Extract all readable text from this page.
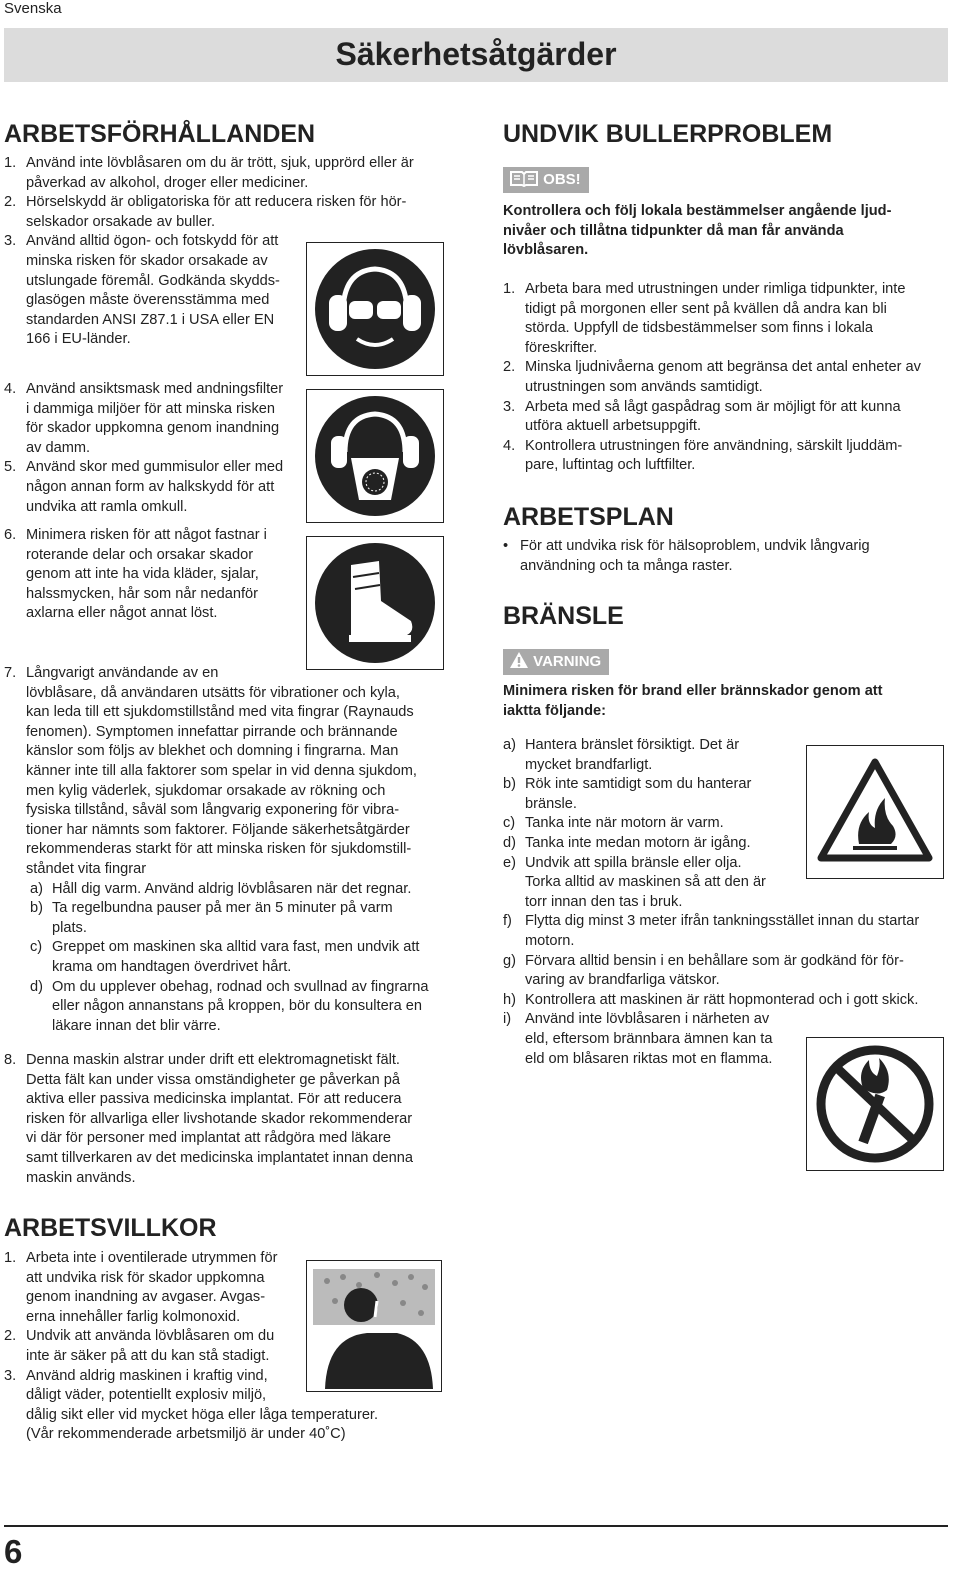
Svenska
Säkerhetsåtgärder
ARBETSFÖRHÅLLANDEN
1. Använd inte lövblåsaren om du är trött, sjuk, upprörd eller är
påverkad av alkohol, droger eller mediciner.
2. Hörselskydd är obligatoriska för att reducera risken för hör-
selskador orsakade av buller.
3. Använd alltid ögon- och fotskydd för att
minska risken för skador orsakade av
utslungade föremål. Godkända skydds-
glasögen måste överensstämma med
standarden ANSI Z87.1 i USA eller EN
166 i EU-länder.
4. Använd ansiktsmask med andningsfilter
i dammiga miljöer för att minska risken
för skador uppkomna genom inandning
av damm.
5. Använd skor med gummisulor eller med
någon annan form av halkskydd för att
undvika att ramla omkull.
6. Minimera risken för att något fastnar i
roterande delar och orsakar skador
genom att inte ha vida kläder, sjalar,
halssmycken, hår som når nedanför
axlarna eller något annat löst.
7. Långvarigt användande av en
lövblåsare, då användaren utsätts för vibrationer och kyla,
kan leda till ett sjukdomstillstånd med vita fingrar (Raynauds
fenomen). Symptomen innefattar pirrande och brännande
känslor som följs av blekhet och domning i fingrarna. Man
känner inte till alla faktorer som spelar in vid denna sjukdom,
men kylig väderlek, sjukdomar orsakade av rökning och
fysiska tillstånd, såväl som långvarig exponering för vibra-
tioner har nämnts som faktorer. Följande säkerhetsåtgärder
rekommenderas starkt för att minska risken för sjukdomstill-
ståndet vita fingrar
a) Håll dig varm. Använd aldrig lövblåsaren när det regnar.
b) Ta regelbundna pauser på mer än 5 minuter på varm
plats.
c) Greppet om maskinen ska alltid vara fast, men undvik att
krama om handtagen överdrivet hårt.
d) Om du upplever obehag, rodnad och svullnad av fingrarna
eller någon annanstans på kroppen, bör du konsultera en
läkare innan det blir värre.
8. Denna maskin alstrar under drift ett elektromagnetiskt fält.
Detta fält kan under vissa omständigheter ge påverkan på
aktiva eller passiva medicinska implantat. För att reducera
risken för allvarliga eller livshotande skador rekommenderar
vi där för personer med implantat att rådgöra med läkare
samt tillverkaren av det medicinska implantatet innan denna
maskin används.
ARBETSVILLKOR
1. Arbeta inte i oventilerade utrymmen för
att undvika risk för skador uppkomna
genom inandning av avgaser. Avgas-
erna innehåller farlig kolmonoxid.
2. Undvik att använda lövblåsaren om du
inte är säker på att du kan stå stadigt.
3. Använd aldrig maskinen i kraftig vind,
dåligt väder, potentiellt explosiv miljö,
dålig sikt eller vid mycket höga eller låga temperaturer.
(Vår rekommenderade arbetsmiljö är under 40˚C)
UNDVIK BULLERPROBLEM
OBS!
Kontrollera och följ lokala bestämmelser angående ljud-
nivåer och tillåtna tidpunkter då man får använda
lövblåsaren.
1. Arbeta bara med utrustningen under rimliga tidpunkter, inte
tidigt på morgonen eller sent på kvällen då andra kan bli
störda. Uppfyll de tidsbestämmelser som finns i lokala
föreskrifter.
2. Minska ljudnivåerna genom att begränsa det antal enheter av
utrustningen som används samtidigt.
3. Arbeta med så lågt gaspådrag som är möjligt för att kunna
utföra aktuell arbetsuppgift.
4. Kontrollera utrustningen före användning, särskilt ljuddäm-
pare, luftintag och luftfilter.
ARBETSPLAN
• För att undvika risk för hälsoproblem, undvik långvarig
användning och ta många raster.
BRÄNSLE
VARNING
Minimera risken för brand eller brännskador genom att
iaktta följande:
a) Hantera bränslet försiktigt. Det är
mycket brandfarligt.
b) Rök inte samtidigt som du hanterar
bränsle.
c) Tanka inte när motorn är varm.
d) Tanka inte medan motorn är igång.
e) Undvik att spilla bränsle eller olja.
Torka alltid av maskinen så att den är
torr innan den tas i bruk.
f) Flytta dig minst 3 meter ifrån tankningsstället innan du startar
motorn.
g) Förvara alltid bensin i en behållare som är godkänd för för-
varing av brandfarliga vätskor.
h) Kontrollera att maskinen är rätt hopmonterad och i gott skick.
i) Använd inte lövblåsaren i närheten av
eld, eftersom brännbara ämnen kan ta
eld om blåsaren riktas mot en flamma.
6
